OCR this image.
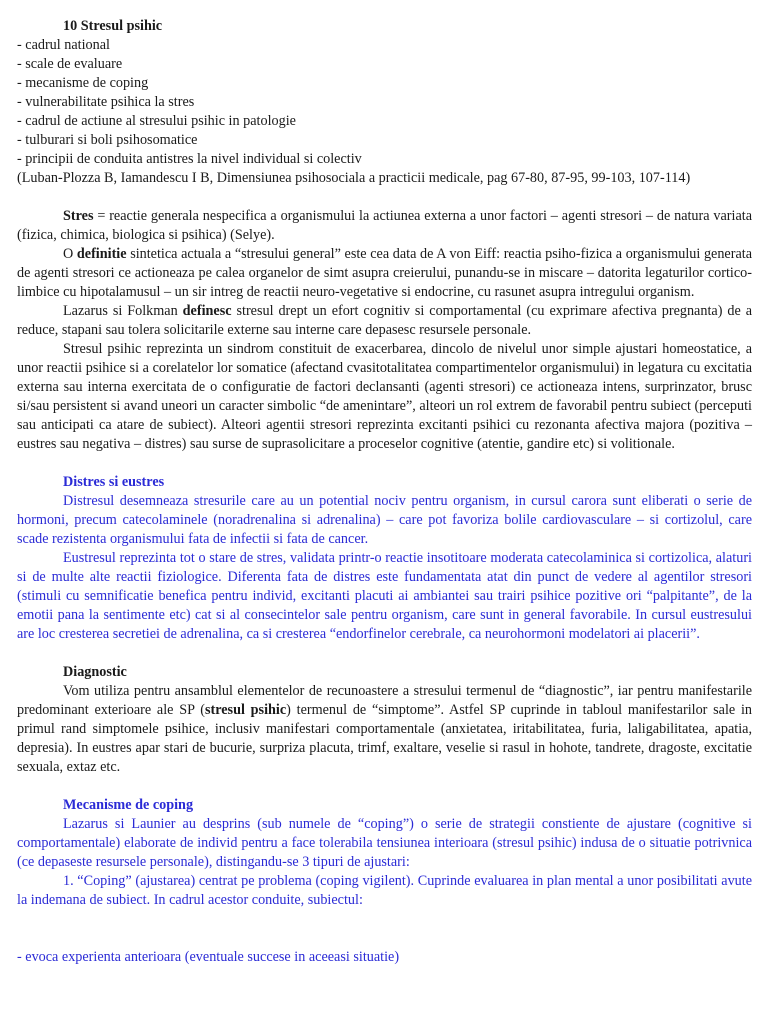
10 Stresul psihic

- cadrul national

- scale de evaluare

- mecanisme de coping

- vulnerabilitate psihica la stres

- cadrul de actiune al stresului psihic in patologie

- tulburari si boli psihosomatice

- principii de conduita antistres la nivel individual si colectiv

(Luban-Plozza B, Iamandescu I B, Dimensiunea psihosociala a practicii medicale, pag 67-80, 87-95, 99-103, 107-114)

Stres = reactie generala nespecifica a organismului la actiunea externa a unor factori – agenti stresori – de natura variata (fizica, chimica, biologica si psihica) (Selye).

O definitie sintetica actuala a “stresului general” este cea data de A von Eiff: reactia psiho-fizica a organismului generata de agenti stresori ce actioneaza pe calea organelor de simt asupra creierului, punandu-se in miscare – datorita legaturilor cortico-limbice cu hipotalamusul – un sir intreg de reactii neuro-vegetative si endocrine, cu rasunet asupra intregului organism.

Lazarus si Folkman definesc stresul drept un efort cognitiv si comportamental (cu exprimare afectiva pregnanta) de a reduce, stapani sau tolera solicitarile externe sau interne care depasesc resursele personale.

Stresul psihic reprezinta un sindrom constituit de exacerbarea, dincolo de nivelul unor simple ajustari homeostatice, a unor reactii psihice si a corelatelor lor somatice (afectand cvasitotalitatea compartimentelor organismului) in legatura cu excitatia externa sau interna exercitata de o configuratie de factori declansanti (agenti stresori) ce actioneaza intens, surprinzator, brusc si/sau persistent si avand uneori un caracter simbolic “de amenintare”, alteori un rol extrem de favorabil pentru subiect (perceputi sau anticipati ca atare de subiect). Alteori agentii stresori reprezinta excitanti psihici cu rezonanta afectiva majora (pozitiva – eustres sau negativa – distres) sau surse de suprasolicitare a proceselor cognitive (atentie, gandire etc) si volitionale.

Distres si eustres

Distresul desemneaza stresurile care au un potential nociv pentru organism, in cursul carora sunt eliberati o serie de hormoni, precum catecolaminele (noradrenalina si adrenalina) – care pot favoriza bolile cardiovasculare – si cortizolul, care scade rezistenta organismului fata de infectii si fata de cancer.

Eustresul reprezinta tot o stare de stres, validata printr-o reactie insotitoare moderata catecolaminica si cortizolica, alaturi si de multe alte reactii fiziologice. Diferenta fata de distres este fundamentata atat din punct de vedere al agentilor stresori (stimuli cu semnificatie benefica pentru individ, excitanti placuti ai ambiantei sau trairi psihice pozitive ori “palpitante”, de la emotii pana la sentimente etc) cat si al consecintelor sale pentru organism, care sunt in general favorabile. In cursul eustresului are loc cresterea secretiei de adrenalina, ca si cresterea “endorfinelor cerebrale, ca neurohormoni modelatori ai placerii”.

Diagnostic

Vom utiliza pentru ansamblul elementelor de recunoastere a stresului termenul de “diagnostic”, iar pentru manifestarile predominant exterioare ale SP (stresul psihic) termenul de “simptome”. Astfel SP cuprinde in tabloul manifestarilor sale in primul rand simptomele psihice, inclusiv manifestari comportamentale (anxietatea, iritabilitatea, furia, laligabilitatea, apatia, depresia). In eustres apar stari de bucurie, surpriza placuta, trimf, exaltare, veselie si rasul in hohote, tandrete, dragoste, excitatie sexuala, extaz etc.

Mecanisme de coping

Lazarus si Launier au desprins (sub numele de “coping”) o serie de strategii constiente de ajustare (cognitive si comportamentale) elaborate de individ pentru a face tolerabila tensiunea interioara (stresul psihic) indusa de o situatie potrivnica (ce depaseste resursele personale), distingandu-se 3 tipuri de ajustari:

1. “Coping” (ajustarea) centrat pe problema (coping vigilent). Cuprinde evaluarea in plan mental a unor posibilitati avute la indemana de subiect. In cadrul acestor conduite, subiectul:

- evoca experienta anterioara (eventuale succese in aceeasi situatie)
